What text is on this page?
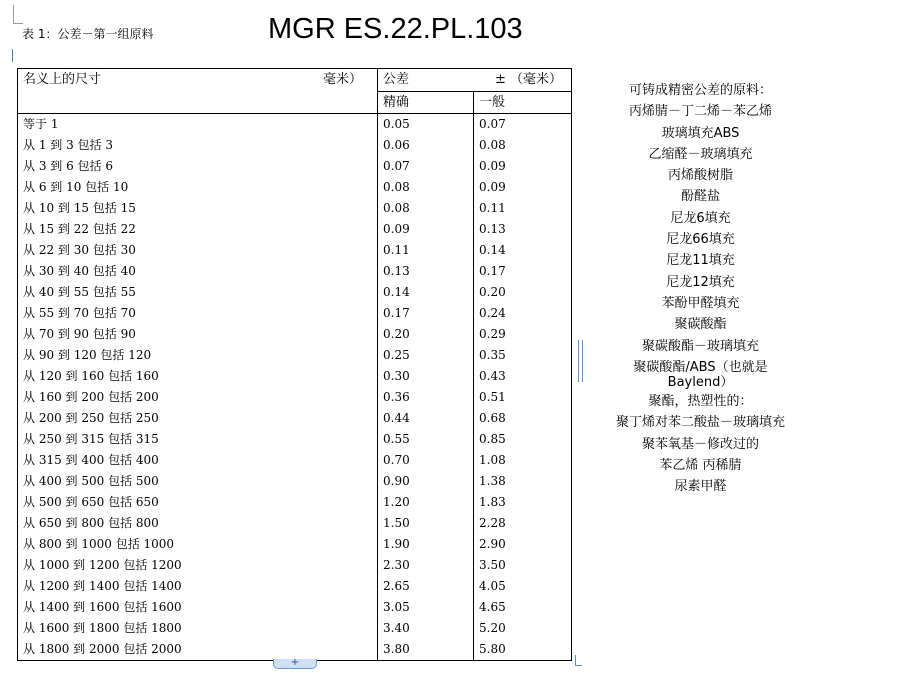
表 1：公差－第一组原料	MGR ES.22.PL.103
名义上的尺寸 毫米）	公差 ± （毫米）	
	精确	一般
等于 1	0.05	0.07
从 1 到 3 包括 3	0.06	0.08
从 3 到 6 包括 6	0.07	0.09
从 6 到 10 包括 10	0.08	0.09
从 10 到 15 包括 15	0.08	0.11
从 15 到 22 包括 22	0.09	0.13
从 22 到 30 包括 30	0.11	0.14
从 30 到 40 包括 40	0.13	0.17
从 40 到 55 包括 55	0.14	0.20
从 55 到 70 包括 70	0.17	0.24
从 70 到 90 包括 90	0.20	0.29
从 90 到 120 包括 120	0.25	0.35
从 120 到 160 包括 160	0.30	0.43
从 160 到 200 包括 200	0.36	0.51
从 200 到 250 包括 250	0.44	0.68
从 250 到 315 包括 315	0.55	0.85
从 315 到 400 包括 400	0.70	1.08
从 400 到 500 包括 500	0.90	1.38
从 500 到 650 包括 650	1.20	1.83
从 650 到 800 包括 800	1.50	2.28
从 800 到 1000 包括 1000	1.90	2.90
从 1000 到 1200 包括 1200	2.30	3.50
从 1200 到 1400 包括 1400	2.65	4.05
从 1400 到 1600 包括 1600	3.05	4.65
从 1600 到 1800 包括 1800	3.40	5.20
从 1800 到 2000 包括 2000	3.80	5.80
+
可铸成精密公差的原料：
丙烯腈－丁二烯－苯乙烯
玻璃填充ABS
乙缩醛－玻璃填充
丙烯酸树脂
酚醛盐
尼龙6填充
尼龙66填充
尼龙11填充
尼龙12填充
苯酚甲醛填充
聚碳酸酯
聚碳酸酯－玻璃填充
聚碳酸酯/ABS（也就是
Baylend）
聚酯，热塑性的：
聚丁烯对苯二酸盐－玻璃填充
聚苯氧基－修改过的
苯乙烯 丙稀腈
尿素甲醛
